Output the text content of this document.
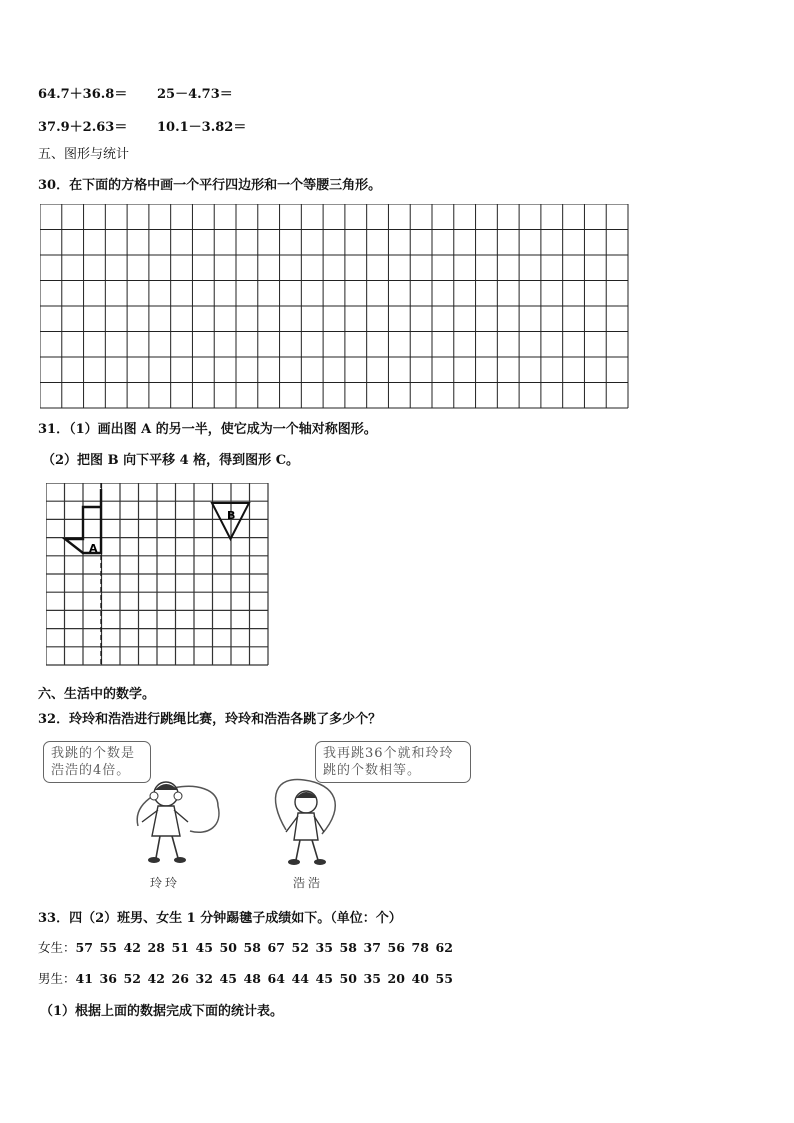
64.7＋36.8＝ 25－4.73＝
37.9＋2.63＝ 10.1－3.82＝
五、图形与统计
30．在下面的方格中画一个平行四边形和一个等腰三角形。
31．（1）画出图 A 的另一半，使它成为一个轴对称图形。
（2）把图 B 向下平移 4 格，得到图形 C。
A
B
六、生活中的数学。
32．玲玲和浩浩进行跳绳比赛，玲玲和浩浩各跳了多少个？
我跳的个数是
浩浩的4倍。
我再跳36个就和玲玲
跳的个数相等。
玲玲	浩浩
33．四（2）班男、女生 1 分钟踢毽子成绩如下。（单位：个）
女生：57 55 42 28 51 45 50 58 67 52 35 58 37 56 78 62
男生：41 36 52 42 26 32 45 48 64 44 45 50 35 20 40 55
（1）根据上面的数据完成下面的统计表。
